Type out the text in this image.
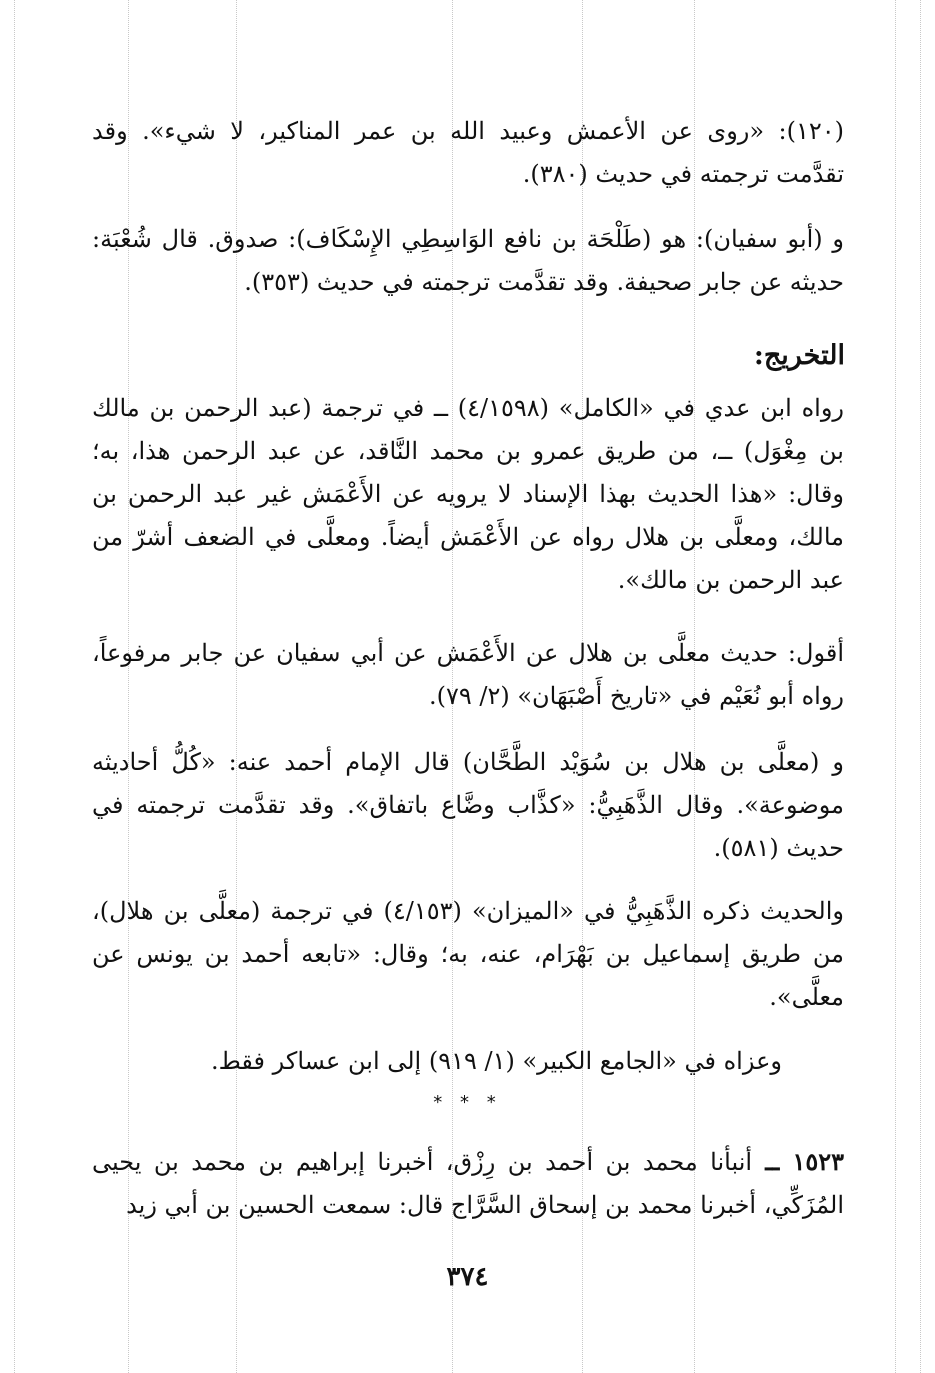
(١٢٠): «روى عن الأعمش وعبيد الله بن عمر المناكير، لا شيء». وقد تقدَّمت ترجمته في حديث (٣٨٠).
و (أبو سفيان): هو (طَلْحَة بن نافع الوَاسِطِي الإِسْكَاف): صدوق. قال شُعْبَة: حديثه عن جابر صحيفة. وقد تقدَّمت ترجمته في حديث (٣٥٣).
التخريج:
رواه ابن عدي في «الكامل» (٤/١٥٩٨) ــ في ترجمة (عبد الرحمن بن مالك بن مِغْوَل) ــ، من طريق عمرو بن محمد النَّاقد، عن عبد الرحمن هذا، به؛ وقال: «هذا الحديث بهذا الإسناد لا يرويه عن الأَعْمَش غير عبد الرحمن بن مالك، ومعلَّى بن هلال رواه عن الأَعْمَش أيضاً. ومعلَّى في الضعف أشرّ من عبد الرحمن بن مالك».
أقول: حديث معلَّى بن هلال عن الأَعْمَش عن أبي سفيان عن جابر مرفوعاً، رواه أبو نُعَيْم في «تاريخ أَصْبَهَان» (٢/ ٧٩).
و (معلَّى بن هلال بن سُوَيْد الطَّحَّان) قال الإمام أحمد عنه: «كُلُّ أحاديثه موضوعة». وقال الذَّهَبِيُّ: «كذَّاب وضَّاع باتفاق». وقد تقدَّمت ترجمته في حديث (٥٨١).
والحديث ذكره الذَّهَبِيُّ في «الميزان» (٤/١٥٣) في ترجمة (معلَّى بن هلال)، من طريق إسماعيل بن بَهْرَام، عنه، به؛ وقال: «تابعه أحمد بن يونس عن معلَّى».
وعزاه في «الجامع الكبير» (١/ ٩١٩) إلى ابن عساكر فقط.
* * *
١٥٢٣ ــ أنبأنا محمد بن أحمد بن رِزْق، أخبرنا إبراهيم بن محمد بن يحيى المُزَكِّي، أخبرنا محمد بن إسحاق السَّرَّاج قال: سمعت الحسين بن أبي زيد
٣٧٤
